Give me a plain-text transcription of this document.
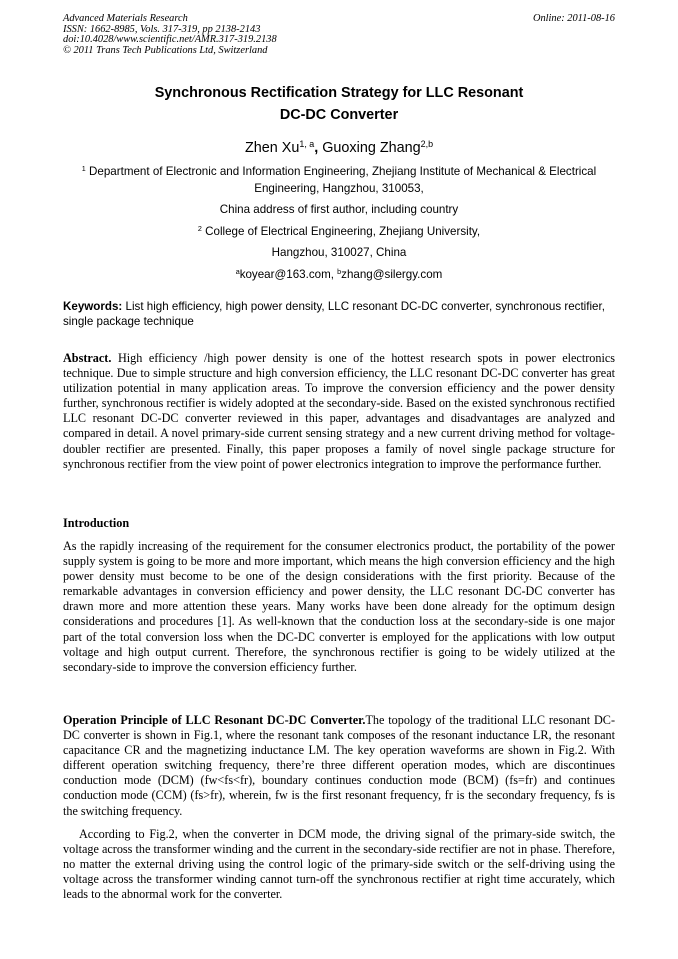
Advanced Materials Research
ISSN: 1662-8985, Vols. 317-319, pp 2138-2143
doi:10.4028/www.scientific.net/AMR.317-319.2138
© 2011 Trans Tech Publications Ltd, Switzerland
Online: 2011-08-16
Synchronous Rectification Strategy for LLC Resonant
DC-DC Converter
Zhen Xu$^{1, a}$, Guoxing Zhang$^{2,b}$
$^1$ Department of Electronic and Information Engineering, Zhejiang Institute of Mechanical & Electrical Engineering, Hangzhou, 310053,
China address of first author, including country
$^2$ College of Electrical Engineering, Zhejiang University,
Hangzhou, 310027, China
$^a$koyear@163.com, $^b$zhang@silergy.com
Keywords: List high efficiency, high power density, LLC resonant DC-DC converter, synchronous rectifier, single package technique
Abstract. High efficiency /high power density is one of the hottest research spots in power electronics technique. Due to simple structure and high conversion efficiency, the LLC resonant DC-DC converter has great utilization potential in many application areas. To improve the conversion efficiency and the power density further, synchronous rectifier is widely adopted at the secondary-side. Based on the existed synchronous rectified LLC resonant DC-DC converter reviewed in this paper, advantages and disadvantages are analyzed and compared in detail. A novel primary-side current sensing strategy and a new current driving method for voltage-doubler rectifier are presented. Finally, this paper proposes a family of novel single package structure for synchronous rectifier from the view point of power electronics integration to improve the performance further.
Introduction
As the rapidly increasing of the requirement for the consumer electronics product, the portability of the power supply system is going to be more and more important, which means the high conversion efficiency and the high power density must become to be one of the design considerations with the first priority. Because of the remarkable advantages in conversion efficiency and power density, the LLC resonant DC-DC converter has drawn more and more attention these years. Many works have been done already for the optimum design considerations and procedures [1]. As well-known that the conduction loss at the secondary-side is one major part of the total conversion loss when the DC-DC converter is employed for the applications with low output voltage and high output current. Therefore, the synchronous rectifier is going to be widely utilized at the secondary-side to improve the conversion efficiency further.
Operation Principle of LLC Resonant DC-DC Converter.The topology of the traditional LLC resonant DC-DC converter is shown in Fig.1, where the resonant tank composes of the resonant inductance LR, the resonant capacitance CR and the magnetizing inductance LM. The key operation waveforms are shown in Fig.2. With different operation switching frequency, there’re three different operation modes, which are discontinues conduction mode (DCM) (fw<fs<fr), boundary continues conduction mode (BCM) (fs=fr) and continues conduction mode (CCM) (fs>fr), wherein, fw is the first resonant frequency, fr is the secondary frequency, fs is the switching frequency.
According to Fig.2, when the converter in DCM mode, the driving signal of the primary-side switch, the voltage across the transformer winding and the current in the secondary-side rectifier are not in phase. Therefore, no matter the external driving using the control logic of the primary-side switch or the self-driving using the voltage across the transformer winding cannot turn-off the synchronous rectifier at right time accurately, which leads to the abnormal work for the converter.
